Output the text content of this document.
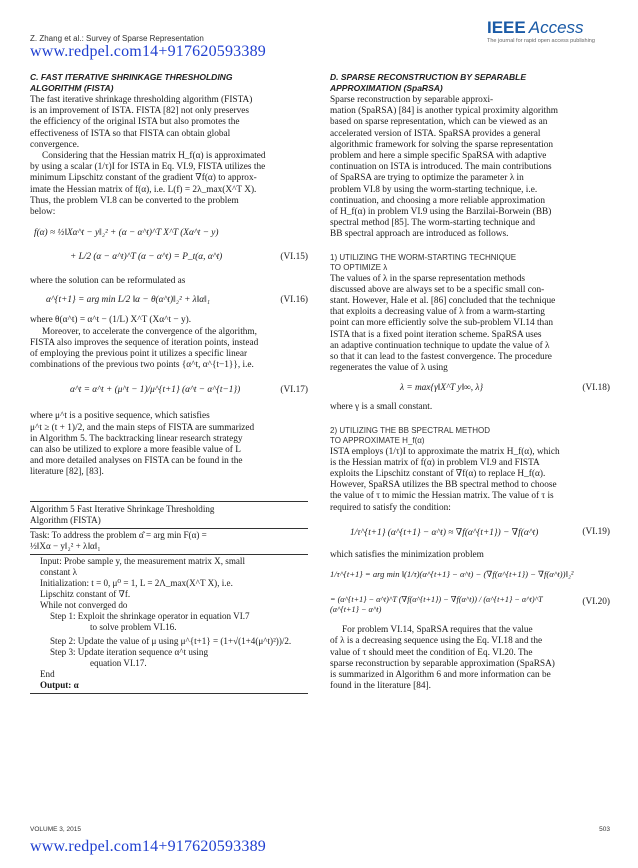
Z. Zhang et al.: Survey of Sparse Representation
www.redpel.com14+917620593389
IEEE Access
The journal for rapid open access publishing
C. FAST ITERATIVE SHRINKAGE THRESHOLDING
ALGORITHM (FISTA)
The fast iterative shrinkage thresholding algorithm (FISTA)
is an improvement of ISTA. FISTA [82] not only preserves
the efficiency of the original ISTA but also promotes the
effectiveness of ISTA so that FISTA can obtain global
convergence.
Considering that the Hessian matrix H_f(α) is approximated
by using a scalar (1/τ)I for ISTA in Eq. VI.9, FISTA utilizes the
minimum Lipschitz constant of the gradient ∇f(α) to approx-
imate the Hessian matrix of f(α), i.e. L(f) = 2λ_max(X^T X).
Thus, the problem VI.8 can be converted to the problem
below:
f(α) ≈ ½‖Xα^t − y‖₂² + (α − α^t)^T X^T (Xα^t − y)
+ L/2 (α − α^t)^T (α − α^t) = P_t(α, α^t)	(VI.15)
where the solution can be reformulated as
α^{t+1} = arg min L/2 ‖α − θ(α^t)‖₂² + λ‖α‖₁	(VI.16)
where θ(α^t) = α^t − (1/L) X^T (Xα^t − y).
Moreover, to accelerate the convergence of the algorithm,
FISTA also improves the sequence of iteration points, instead
of employing the previous point it utilizes a specific linear
combinations of the previous two points {α^t, α^{t−1}}, i.e.
α^t = α^t + (μ^t − 1)/μ^{t+1} (α^t − α^{t−1})	(VI.17)
where μ^t is a positive sequence, which satisfies
μ^t ≥ (t + 1)/2, and the main steps of FISTA are summarized
in Algorithm 5. The backtracking linear research strategy
can also be utilized to explore a more feasible value of L
and more detailed analyses on FISTA can be found in the
literature [82], [83].
Algorithm 5 Fast Iterative Shrinkage Thresholding
Algorithm (FISTA)
Task: To address the problem α̂ = arg min F(α) =
½‖Xα − y‖₂² + λ‖α‖₁
Input: Probe sample y, the measurement matrix X, small
constant λ
Initialization: t = 0, μ⁰ = 1, L = 2Λ_max(X^T X), i.e.
Lipschitz constant of ∇f.
While not converged do
Step 1: Exploit the shrinkage operator in equation VI.7
to solve problem VI.16.
Step 2: Update the value of μ using μ^{t+1} = (1+√(1+4(μ^t)²))/2.
Step 3: Update iteration sequence α^t using
equation VI.17.
End
Output: α
D. SPARSE RECONSTRUCTION BY SEPARABLE
APPROXIMATION (SpaRSA)
Sparse reconstruction by separable approxi-
mation (SpaRSA) [84] is another typical proximity algorithm
based on sparse representation, which can be viewed as an
accelerated version of ISTA. SpaRSA provides a general
algorithmic framework for solving the sparse representation
problem and here a simple specific SpaRSA with adaptive
continuation on ISTA is introduced. The main contributions
of SpaRSA are trying to optimize the parameter λ in
problem VI.8 by using the worm-starting technique, i.e.
continuation, and choosing a more reliable approximation
of H_f(α) in problem VI.9 using the Barzilai-Borwein (BB)
spectral method [85]. The worm-starting technique and
BB spectral approach are introduced as follows.
1) UTILIZING THE WORM-STARTING TECHNIQUE
TO OPTIMIZE λ
The values of λ in the sparse representation methods
discussed above are always set to be a specific small con-
stant. However, Hale et al. [86] concluded that the technique
that exploits a decreasing value of λ from a warm-starting
point can more efficiently solve the sub-problem VI.14 than
ISTA that is a fixed point iteration scheme. SpaRSA uses
an adaptive continuation technique to update the value of λ
so that it can lead to the fastest convergence. The procedure
regenerates the value of λ using
λ = max{γ‖X^T y‖∞, λ}	(VI.18)
where γ is a small constant.
2) UTILIZING THE BB SPECTRAL METHOD
TO APPROXIMATE H_f(α)
ISTA employs (1/τ)I to approximate the matrix H_f(α), which
is the Hessian matrix of f(α) in problem VI.9 and FISTA
exploits the Lipschitz constant of ∇f(α) to replace H_f(α).
However, SpaRSA utilizes the BB spectral method to choose
the value of τ to mimic the Hessian matrix. The value of τ is
required to satisfy the condition:
1/τ^{t+1} (α^{t+1} − α^t) ≈ ∇f(α^{t+1}) − ∇f(α^t)	(VI.19)
which satisfies the minimization problem
1/τ^{t+1} = arg min ‖(1/τ)(α^{t+1} − α^t) − (∇f(α^{t+1}) − ∇f(α^t))‖₂²
= (α^{t+1} − α^t)^T (∇f(α^{t+1}) − ∇f(α^t)) / (α^{t+1} − α^t)^T (α^{t+1} − α^t)
(VI.20)
For problem VI.14, SpaRSA requires that the value
of λ is a decreasing sequence using the Eq. VI.18 and the
value of τ should meet the condition of Eq. VI.20. The
sparse reconstruction by separable approximation (SpaRSA)
is summarized in Algorithm 6 and more information can be
found in the literature [84].
VOLUME 3, 2015	503
www.redpel.com14+917620593389
